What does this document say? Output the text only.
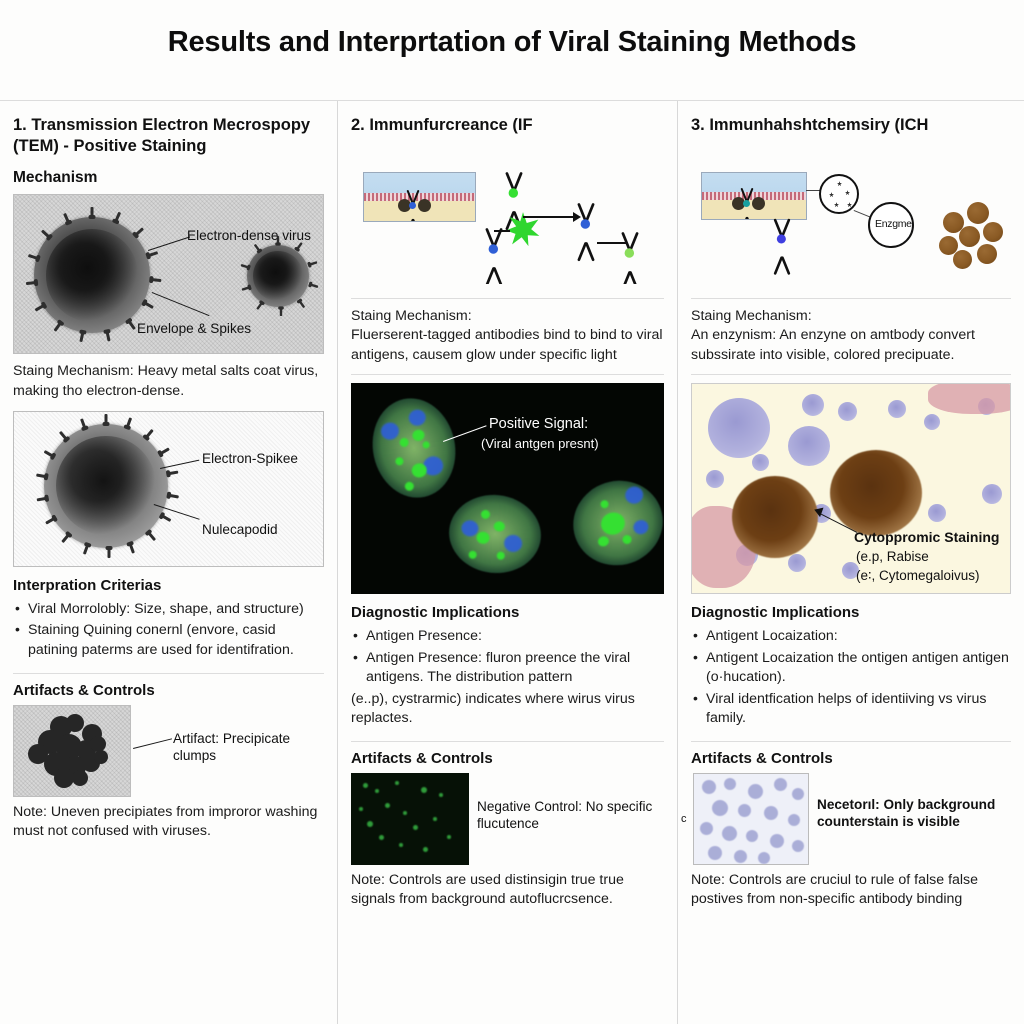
Results and Interprtation of Viral Staining Methods
1. Transmission Electron Mecrospopy (TEM) - Positive Staining
Mechanism
Electron-dense virus
Envelope & Spikes
Staing Mechanism: Heavy metal salts coat virus, making tho electron-dense.
Electron-Spikee
Nulecapodid
Interpration Criterias
• Viral Morrolobly: Size, shape, and structure)
• Staining Quining conernl (envore, casid patining paterms are used for identifration.
Artifacts & Controls
Artifact: Precipicate clumps
Note: Uneven precipiates from improror washing must not confused with viruses.
2. Immunfurcreance (IF
Staing Mechanism:
Fluerserent-tagged antibodies bind to bind to viral antigens, causem glow under specific light
Positive Signal:
(Viral antgen presnt)
Diagnostic Implications
• Antigen Presence:
• Antigen Presence: fluron preence the viral antigens. The distribution pattern
(e..p), cystrarmic) indicates where wirus virus replactes.
Artifacts & Controls
Negative Control: No specific flucutence
Note: Controls are used distinsigin true true signals from background autoflucrcsence.
3. Immunhahshtchemsiry (ICH
Enzgme
Staing Mechanism:
An enzynism: An enzyne on amtbody convert subssirate into visible, colored precipuate.
Cytoppromic Staining
(e.p, Rabise
(e∶, Cytomegaloivus)
Diagnostic Implications
• Antigent Locaization:
• Antigent Locaization the ontigen antigen antigen (o·hucation).
• Viral identfication helps of identiiving vs virus family.
Artifacts & Controls
c
Necetorıl: Only background counterstain is visible
Note: Controls are cruciul to rule of false false postives from non-specific antibody binding
